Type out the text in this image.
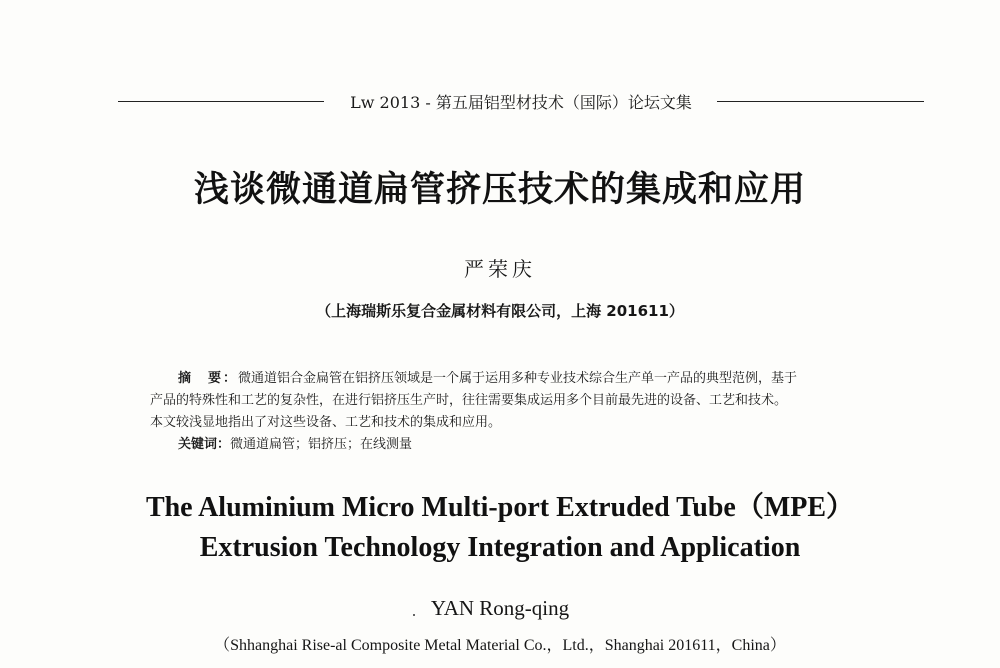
Lw 2013 - 第五届铝型材技术（国际）论坛文集
浅谈微通道扁管挤压技术的集成和应用
严荣庆
（上海瑞斯乐复合金属材料有限公司，上海 201611）
摘　要：微通道铝合金扁管在铝挤压领域是一个属于运用多种专业技术综合生产单一产品的典型范例，基于
产品的特殊性和工艺的复杂性，在进行铝挤压生产时，往往需要集成运用多个目前最先进的设备、工艺和技术。
本文较浅显地指出了对这些设备、工艺和技术的集成和应用。
关键词：微通道扁管；铝挤压；在线测量
The Aluminium Micro Multi-port Extruded Tube（MPE）
Extrusion Technology Integration and Application
YAN Rong-qing
（Shhanghai Rise-al Composite Metal Material Co.，Ltd.，Shanghai 201611，China）
